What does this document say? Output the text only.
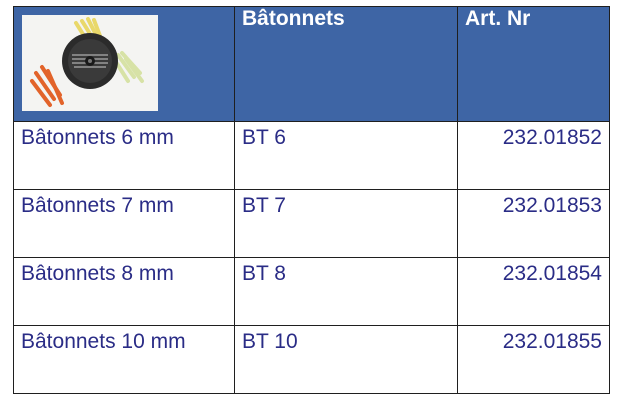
	Bâtonnets	Art. Nr
Bâtonnets 6 mm	BT 6	232.01852
Bâtonnets 7 mm	BT 7	232.01853
Bâtonnets 8 mm	BT 8	232.01854
Bâtonnets 10 mm	BT 10	232.01855
